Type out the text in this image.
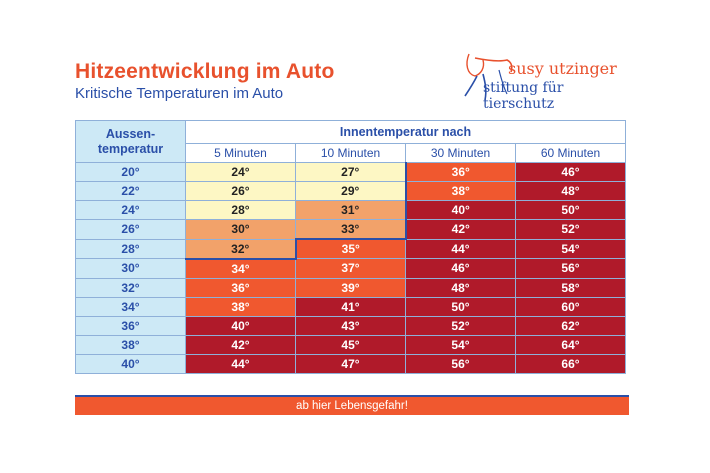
Hitzeentwicklung im Auto
Kritische Temperaturen im Auto
susy utzinger
stiftung für tierschutz
Aussen-
temperatur	Innentemperatur nach			
	5 Minuten	10 Minuten	30 Minuten	60 Minuten
20°	24°	27°	36°	46°
22°	26°	29°	38°	48°
24°	28°	31°	40°	50°
26°	30°	33°	42°	52°
28°	32°	35°	44°	54°
30°	34°	37°	46°	56°
32°	36°	39°	48°	58°
34°	38°	41°	50°	60°
36°	40°	43°	52°	62°
38°	42°	45°	54°	64°
40°	44°	47°	56°	66°
ab hier Lebensgefahr!
